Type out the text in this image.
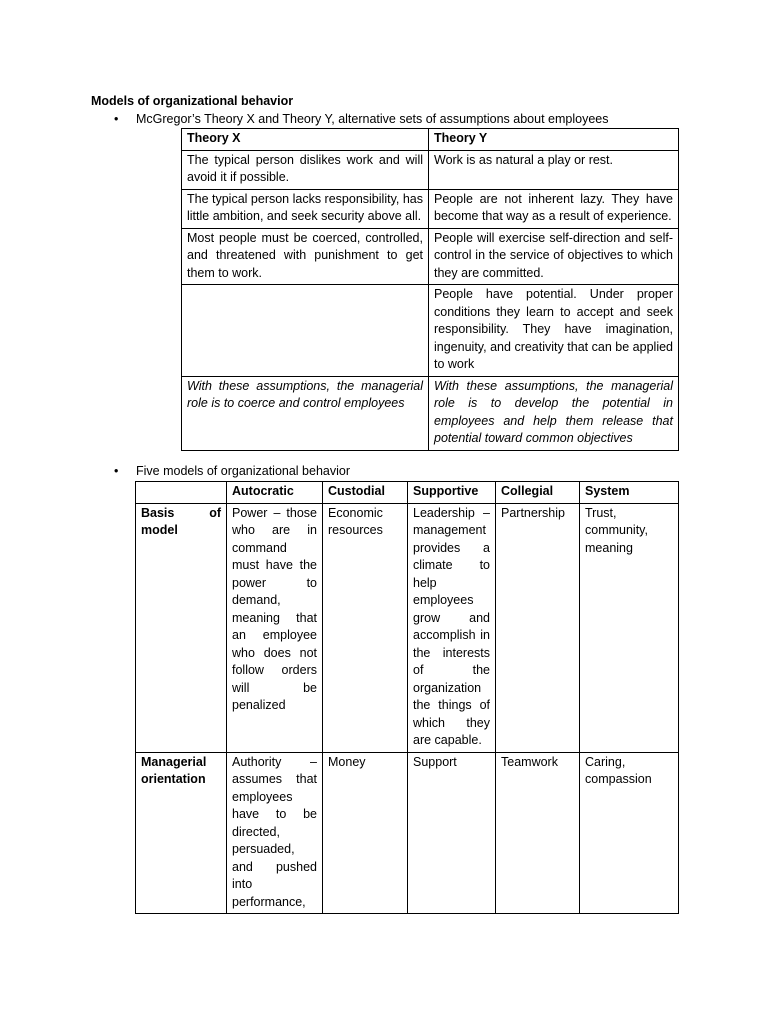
Models of organizational behavior
• McGregor’s Theory X and Theory Y, alternative sets of assumptions about employees
Theory X	Theory Y
The typical person dislikes work and will avoid it if possible.	Work is as natural a play or rest.
The typical person lacks responsibility, has little ambition, and seek security above all.	People are not inherent lazy. They have become that way as a result of experience.
Most people must be coerced, controlled, and threatened with punishment to get them to work.	People will exercise self-direction and self-control in the service of objectives to which they are committed.
	People have potential. Under proper conditions they learn to accept and seek responsibility. They have imagination, ingenuity, and creativity that can be applied to work
With these assumptions, the managerial role is to coerce and control employees	With these assumptions, the managerial role is to develop the potential in employees and help them release that potential toward common objectives
• Five models of organizational behavior
	Autocratic	Custodial	Supportive	Collegial	System
Basis of model	Power – those who are in command must have the power to demand, meaning that an employee who does not follow orders will be penalized	Economic resources	Leadership – management provides a climate to help employees grow and accomplish in the interests of the organization the things of which they are capable.	Partnership	Trust, community, meaning
Managerial orientation	Authority – assumes that employees have to be directed, persuaded, and pushed into performance,	Money	Support	Teamwork	Caring, compassion
